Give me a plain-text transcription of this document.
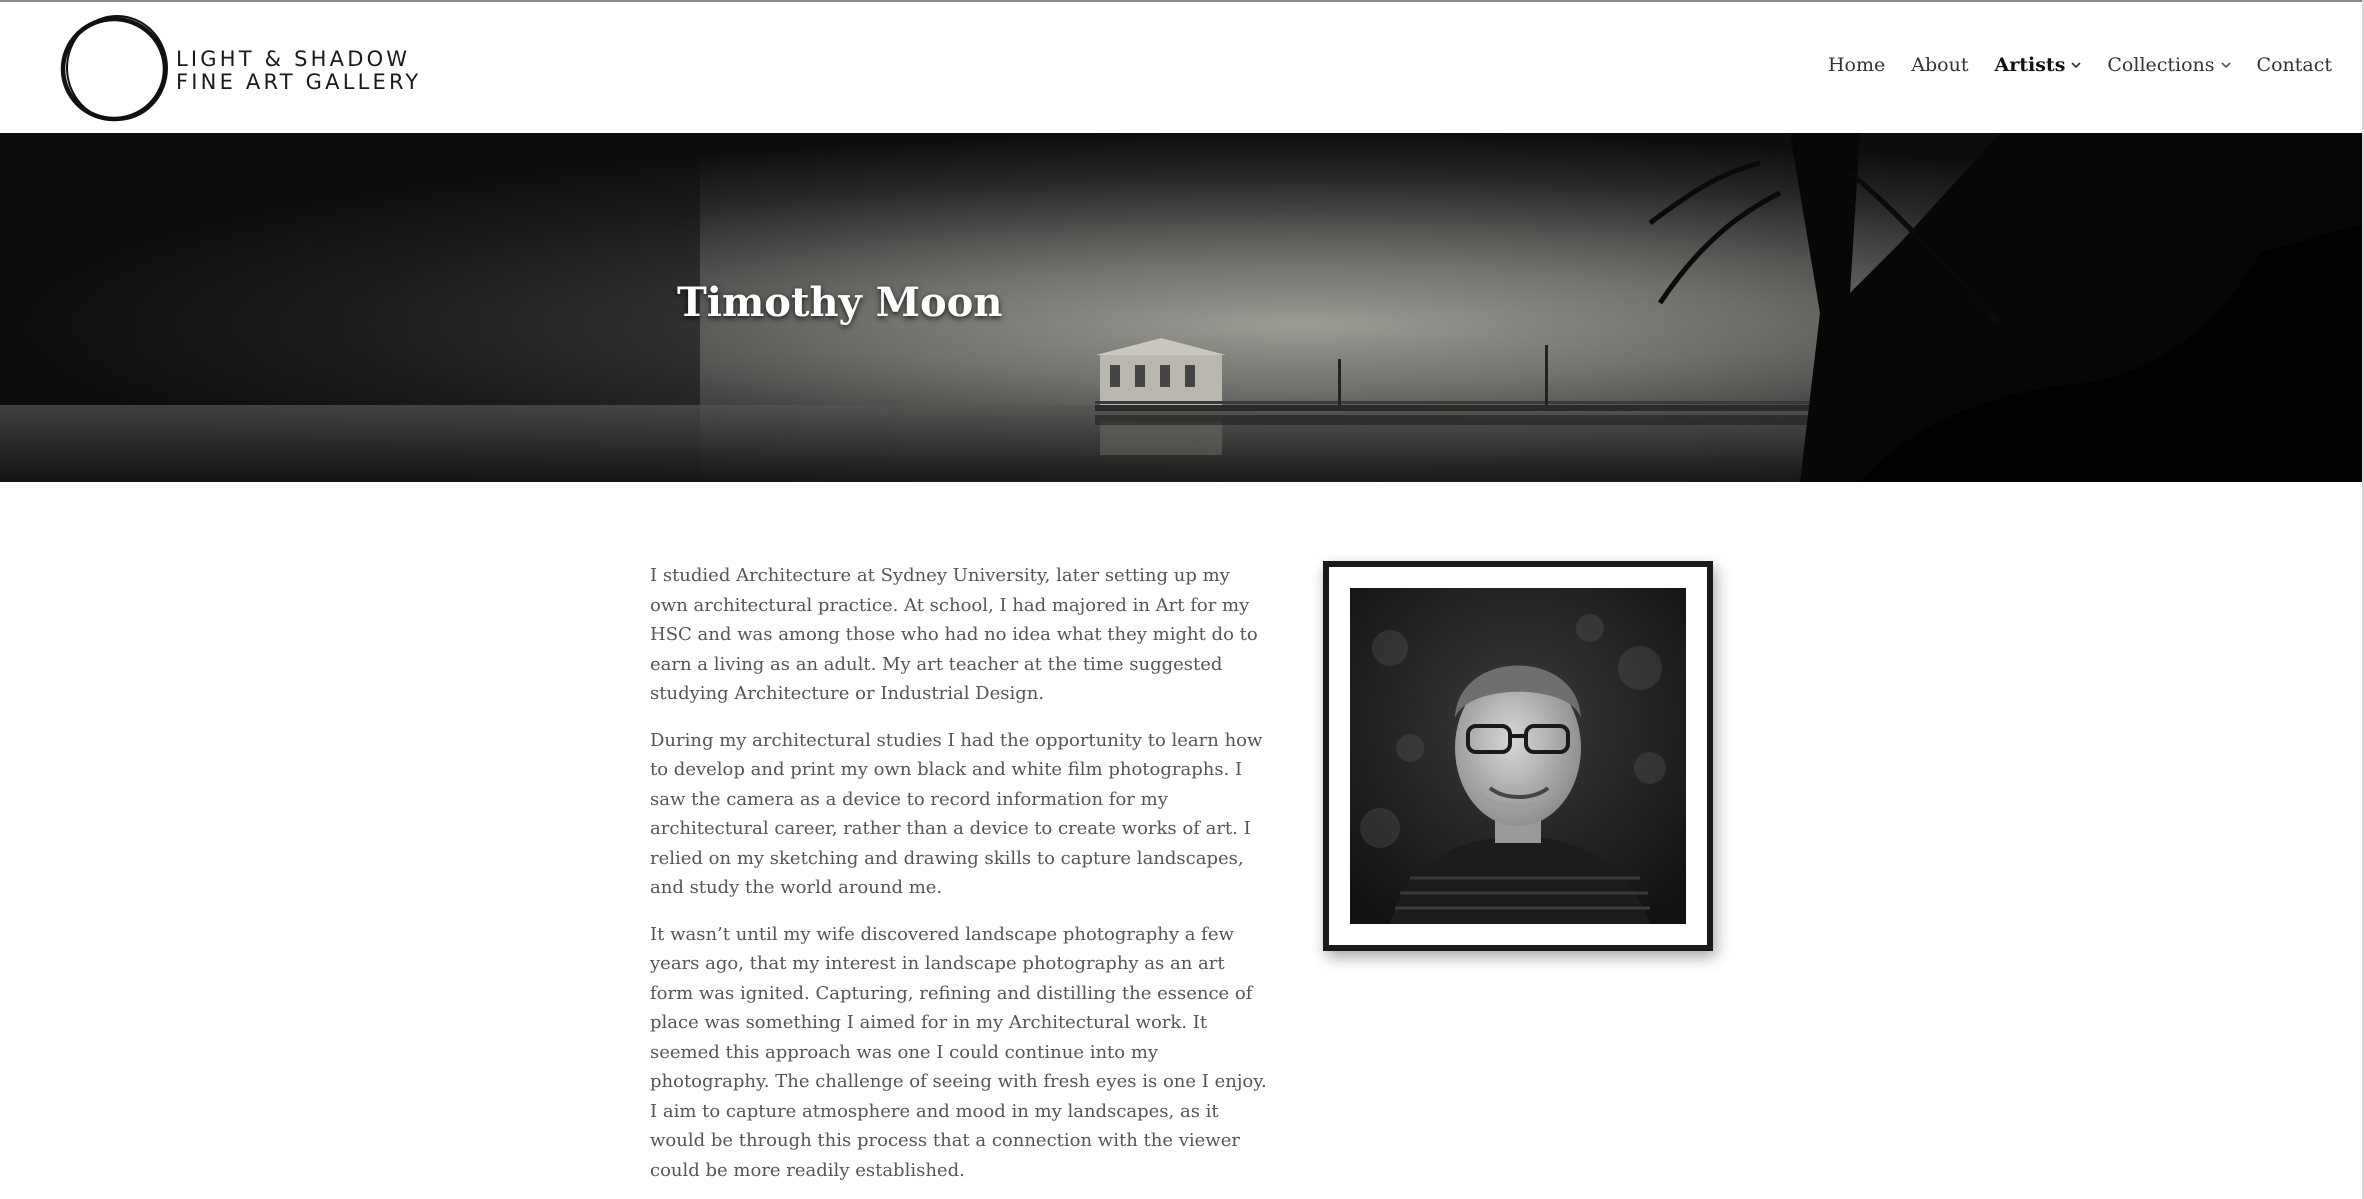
LIGHT & SHADOW
FINE ART GALLERY
Home About Artists Collections Contact
Timothy Moon

I studied Architecture at Sydney University, later setting up my own architectural practice. At school, I had majored in Art for my HSC and was among those who had no idea what they might do to earn a living as an adult. My art teacher at the time suggested studying Architecture or Industrial Design.

During my architectural studies I had the opportunity to learn how to develop and print my own black and white film photographs. I saw the camera as a device to record information for my architectural career, rather than a device to create works of art. I relied on my sketching and drawing skills to capture landscapes, and study the world around me.

It wasn’t until my wife discovered landscape photography a few years ago, that my interest in landscape photography as an art form was ignited. Capturing, refining and distilling the essence of place was something I aimed for in my Architectural work. It seemed this approach was one I could continue into my photography. The challenge of seeing with fresh eyes is one I enjoy. I aim to capture atmosphere and mood in my landscapes, as it would be through this process that a connection with the viewer could be more readily established.
